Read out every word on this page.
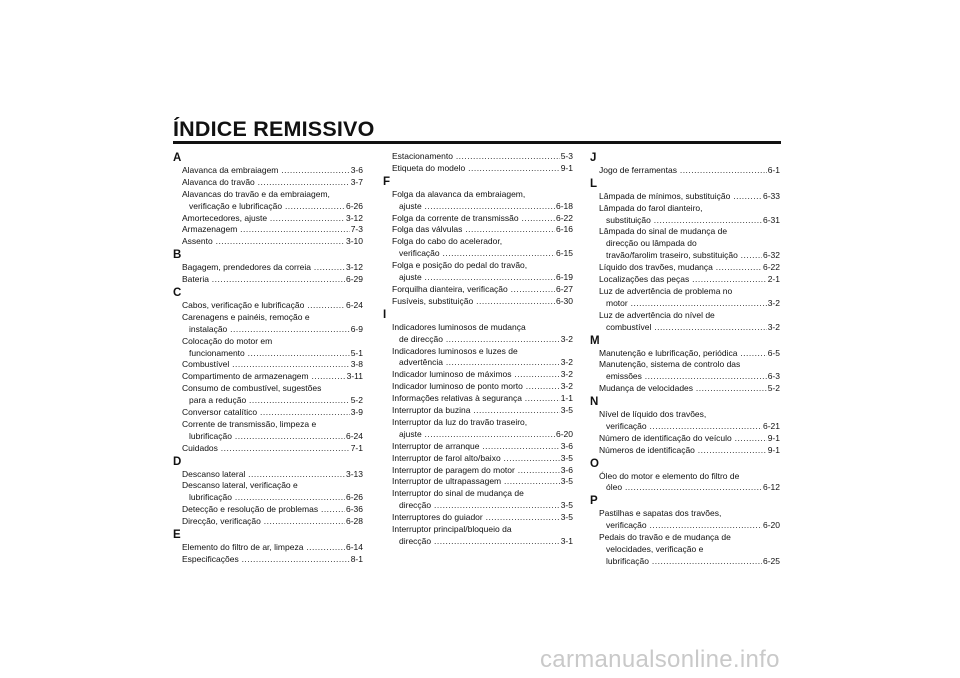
ÍNDICE REMISSIVO
A
Alavanca da embraiagem .....	3-6
Alavanca do travão .....	3-7
Alavancas do travão e da embraiagem,
verificação e lubrificação .....	6-26
Amortecedores, ajuste .....	3-12
Armazenagem .....	7-3
Assento .....	3-10
B
Bagagem, prendedores da correia .....	3-12
Bateria .....	6-29
C
Cabos, verificação e lubrificação .....	6-24
Carenagens e painéis, remoção e
instalação .....	6-9
Colocação do motor em
funcionamento .....	5-1
Combustível .....	3-8
Compartimento de armazenagem .....	3-11
Consumo de combustível, sugestões
para a redução .....	5-2
Conversor catalítico .....	3-9
Corrente de transmissão, limpeza e
lubrificação .....	6-24
Cuidados .....	7-1
D
Descanso lateral .....	3-13
Descanso lateral, verificação e
lubrificação .....	6-26
Detecção e resolução de problemas .....	6-36
Direcção, verificação .....	6-28
E
Elemento do filtro de ar, limpeza .....	6-14
Especificações .....	8-1
Estacionamento .....	5-3
Etiqueta do modelo .....	9-1
F
Folga da alavanca da embraiagem,
ajuste .....	6-18
Folga da corrente de transmissão .....	6-22
Folga das válvulas .....	6-16
Folga do cabo do acelerador,
verificação .....	6-15
Folga e posição do pedal do travão,
ajuste .....	6-19
Forquilha dianteira, verificação .....	6-27
Fusíveis, substituição .....	6-30
I
Indicadores luminosos de mudança
de direcção .....	3-2
Indicadores luminosos e luzes de
advertência .....	3-2
Indicador luminoso de máximos .....	3-2
Indicador luminoso de ponto morto .....	3-2
Informações relativas à segurança .....	1-1
Interruptor da buzina .....	3-5
Interruptor da luz do travão traseiro,
ajuste .....	6-20
Interruptor de arranque .....	3-6
Interruptor de farol alto/baixo .....	3-5
Interruptor de paragem do motor .....	3-6
Interruptor de ultrapassagem .....	3-5
Interruptor do sinal de mudança de
direcção .....	3-5
Interruptores do guiador .....	3-5
Interruptor principal/bloqueio da
direcção .....	3-1
J
Jogo de ferramentas .....	6-1
L
Lâmpada de mínimos, substituição .....	6-33
Lâmpada do farol dianteiro,
substituição .....	6-31
Lâmpada do sinal de mudança de
direcção ou lâmpada do
travão/farolim traseiro, substituição .....	6-32
Líquido dos travões, mudança .....	6-22
Localizações das peças .....	2-1
Luz de advertência de problema no
motor .....	3-2
Luz de advertência do nível de
combustível .....	3-2
M
Manutenção e lubrificação, periódica .....	6-5
Manutenção, sistema de controlo das
emissões .....	6-3
Mudança de velocidades .....	5-2
N
Nível de líquido dos travões,
verificação .....	6-21
Número de identificação do veículo .....	9-1
Números de identificação .....	9-1
O
Óleo do motor e elemento do filtro de
óleo .....	6-12
P
Pastilhas e sapatas dos travões,
verificação .....	6-20
Pedais do travão e de mudança de
velocidades, verificação e
lubrificação .....	6-25
carmanualsonline.info
